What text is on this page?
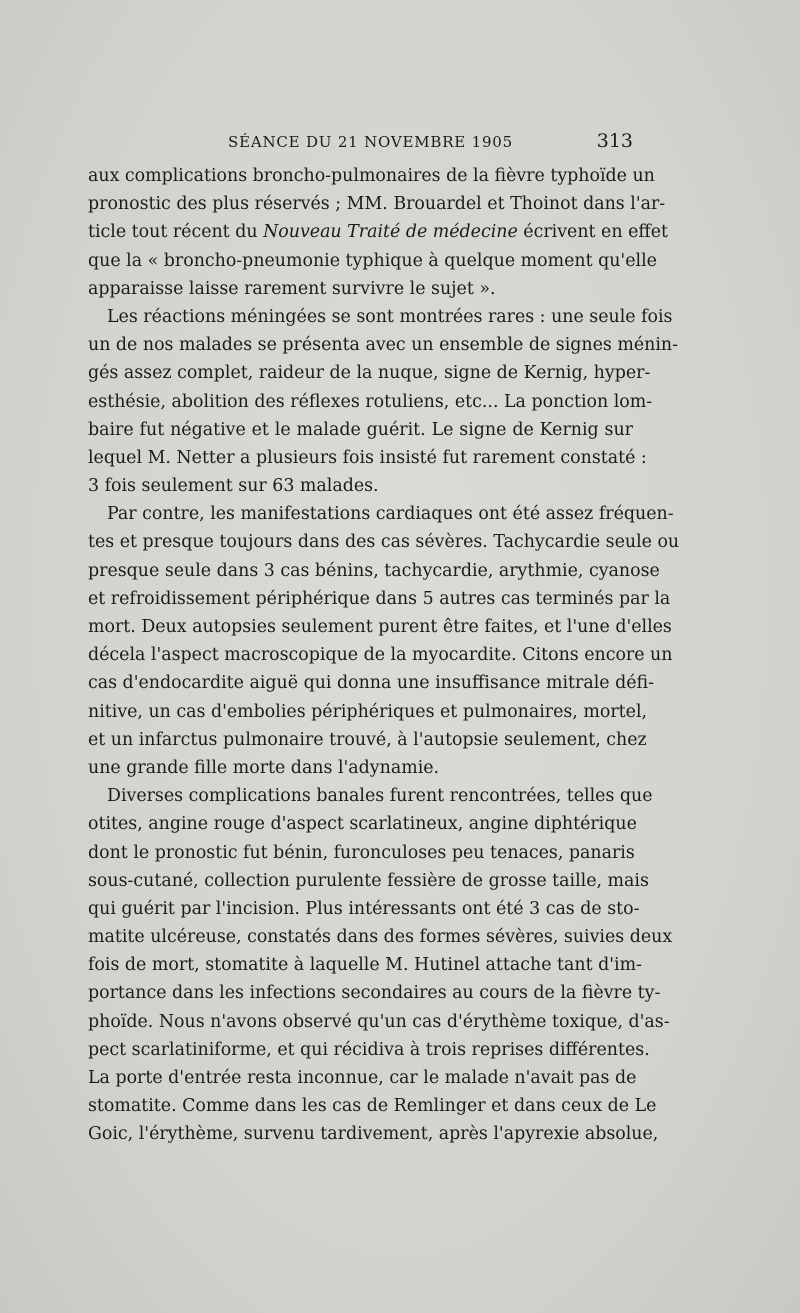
SÉANCE DU 21 NOVEMBRE 1905	313
aux complications broncho-pulmonaires de la fièvre typhoïde un
pronostic des plus réservés ; MM. Brouardel et Thoinot dans l'ar-
ticle tout récent du Nouveau Traité de médecine écrivent en effet
que la « broncho-pneumonie typhique à quelque moment qu'elle
apparaisse laisse rarement survivre le sujet ».
Les réactions méningées se sont montrées rares : une seule fois
un de nos malades se présenta avec un ensemble de signes ménin-
gés assez complet, raideur de la nuque, signe de Kernig, hyper-
esthésie, abolition des réflexes rotuliens, etc... La ponction lom-
baire fut négative et le malade guérit. Le signe de Kernig sur
lequel M. Netter a plusieurs fois insisté fut rarement constaté :
3 fois seulement sur 63 malades.
Par contre, les manifestations cardiaques ont été assez fréquen-
tes et presque toujours dans des cas sévères. Tachycardie seule ou
presque seule dans 3 cas bénins, tachycardie, arythmie, cyanose
et refroidissement périphérique dans 5 autres cas terminés par la
mort. Deux autopsies seulement purent être faites, et l'une d'elles
décela l'aspect macroscopique de la myocardite. Citons encore un
cas d'endocardite aiguë qui donna une insuffisance mitrale défi-
nitive, un cas d'embolies périphériques et pulmonaires, mortel,
et un infarctus pulmonaire trouvé, à l'autopsie seulement, chez
une grande fille morte dans l'adynamie.
Diverses complications banales furent rencontrées, telles que
otites, angine rouge d'aspect scarlatineux, angine diphtérique
dont le pronostic fut bénin, furonculoses peu tenaces, panaris
sous-cutané, collection purulente fessière de grosse taille, mais
qui guérit par l'incision. Plus intéressants ont été 3 cas de sto-
matite ulcéreuse, constatés dans des formes sévères, suivies deux
fois de mort, stomatite à laquelle M. Hutinel attache tant d'im-
portance dans les infections secondaires au cours de la fièvre ty-
phoïde. Nous n'avons observé qu'un cas d'érythème toxique, d'as-
pect scarlatiniforme, et qui récidiva à trois reprises différentes.
La porte d'entrée resta inconnue, car le malade n'avait pas de
stomatite. Comme dans les cas de Remlinger et dans ceux de Le
Goic, l'érythème, survenu tardivement, après l'apyrexie absolue,
